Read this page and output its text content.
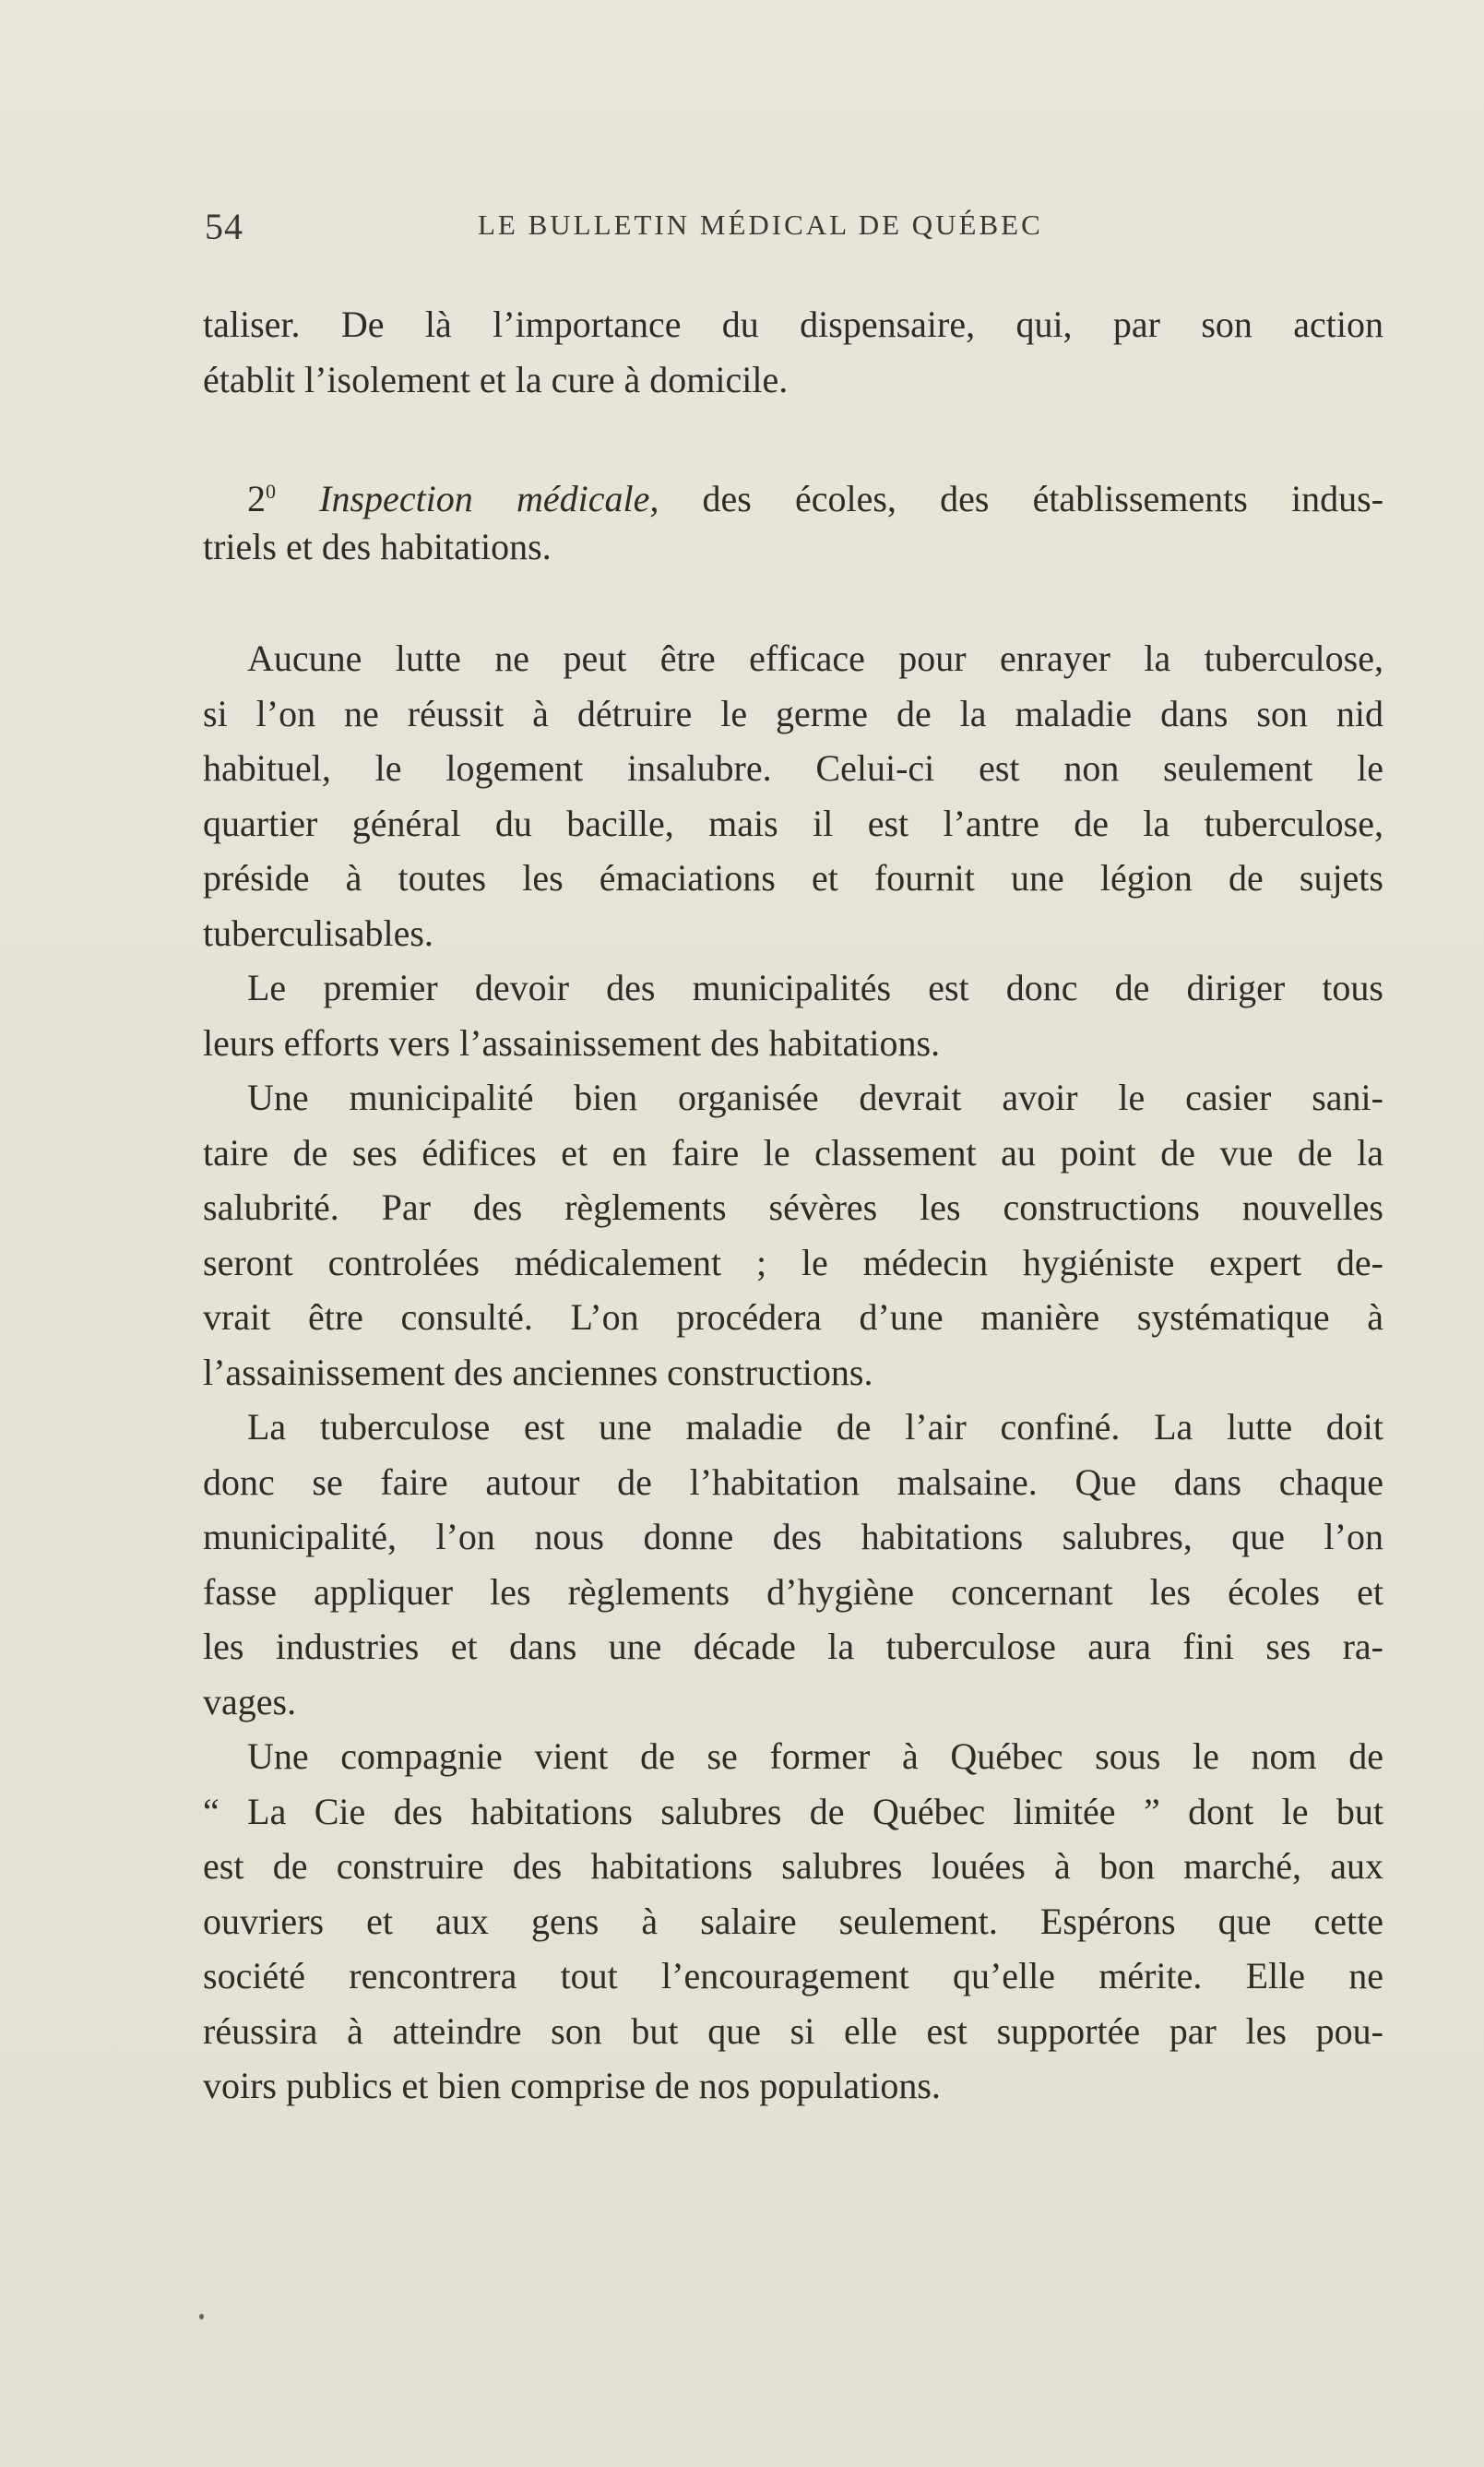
54	LE BULLETIN MÉDICAL DE QUÉBEC
taliser. De là l’importance du dispensaire, qui, par son action
établit l’isolement et la cure à domicile.
$2^0$ Inspection médicale, des écoles, des établissements indus-
triels et des habitations.
Aucune lutte ne peut être efficace pour enrayer la tuberculose,
si l’on ne réussit à détruire le germe de la maladie dans son nid
habituel, le logement insalubre. Celui-ci est non seulement le
quartier général du bacille, mais il est l’antre de la tuberculose,
préside à toutes les émaciations et fournit une légion de sujets
tuberculisables.
Le premier devoir des municipalités est donc de diriger tous
leurs efforts vers l’assainissement des habitations.
Une municipalité bien organisée devrait avoir le casier sani-
taire de ses édifices et en faire le classement au point de vue de la
salubrité. Par des règlements sévères les constructions nouvelles
seront controlées médicalement ; le médecin hygiéniste expert de-
vrait être consulté. L’on procédera d’une manière systématique à
l’assainissement des anciennes constructions.
La tuberculose est une maladie de l’air confiné. La lutte doit
donc se faire autour de l’habitation malsaine. Que dans chaque
municipalité, l’on nous donne des habitations salubres, que l’on
fasse appliquer les règlements d’hygiène concernant les écoles et
les industries et dans une décade la tuberculose aura fini ses ra-
vages.
Une compagnie vient de se former à Québec sous le nom de
“ La Cie des habitations salubres de Québec limitée ” dont le but
est de construire des habitations salubres louées à bon marché, aux
ouvriers et aux gens à salaire seulement. Espérons que cette
société rencontrera tout l’encouragement qu’elle mérite. Elle ne
réussira à atteindre son but que si elle est supportée par les pou-
voirs publics et bien comprise de nos populations.
